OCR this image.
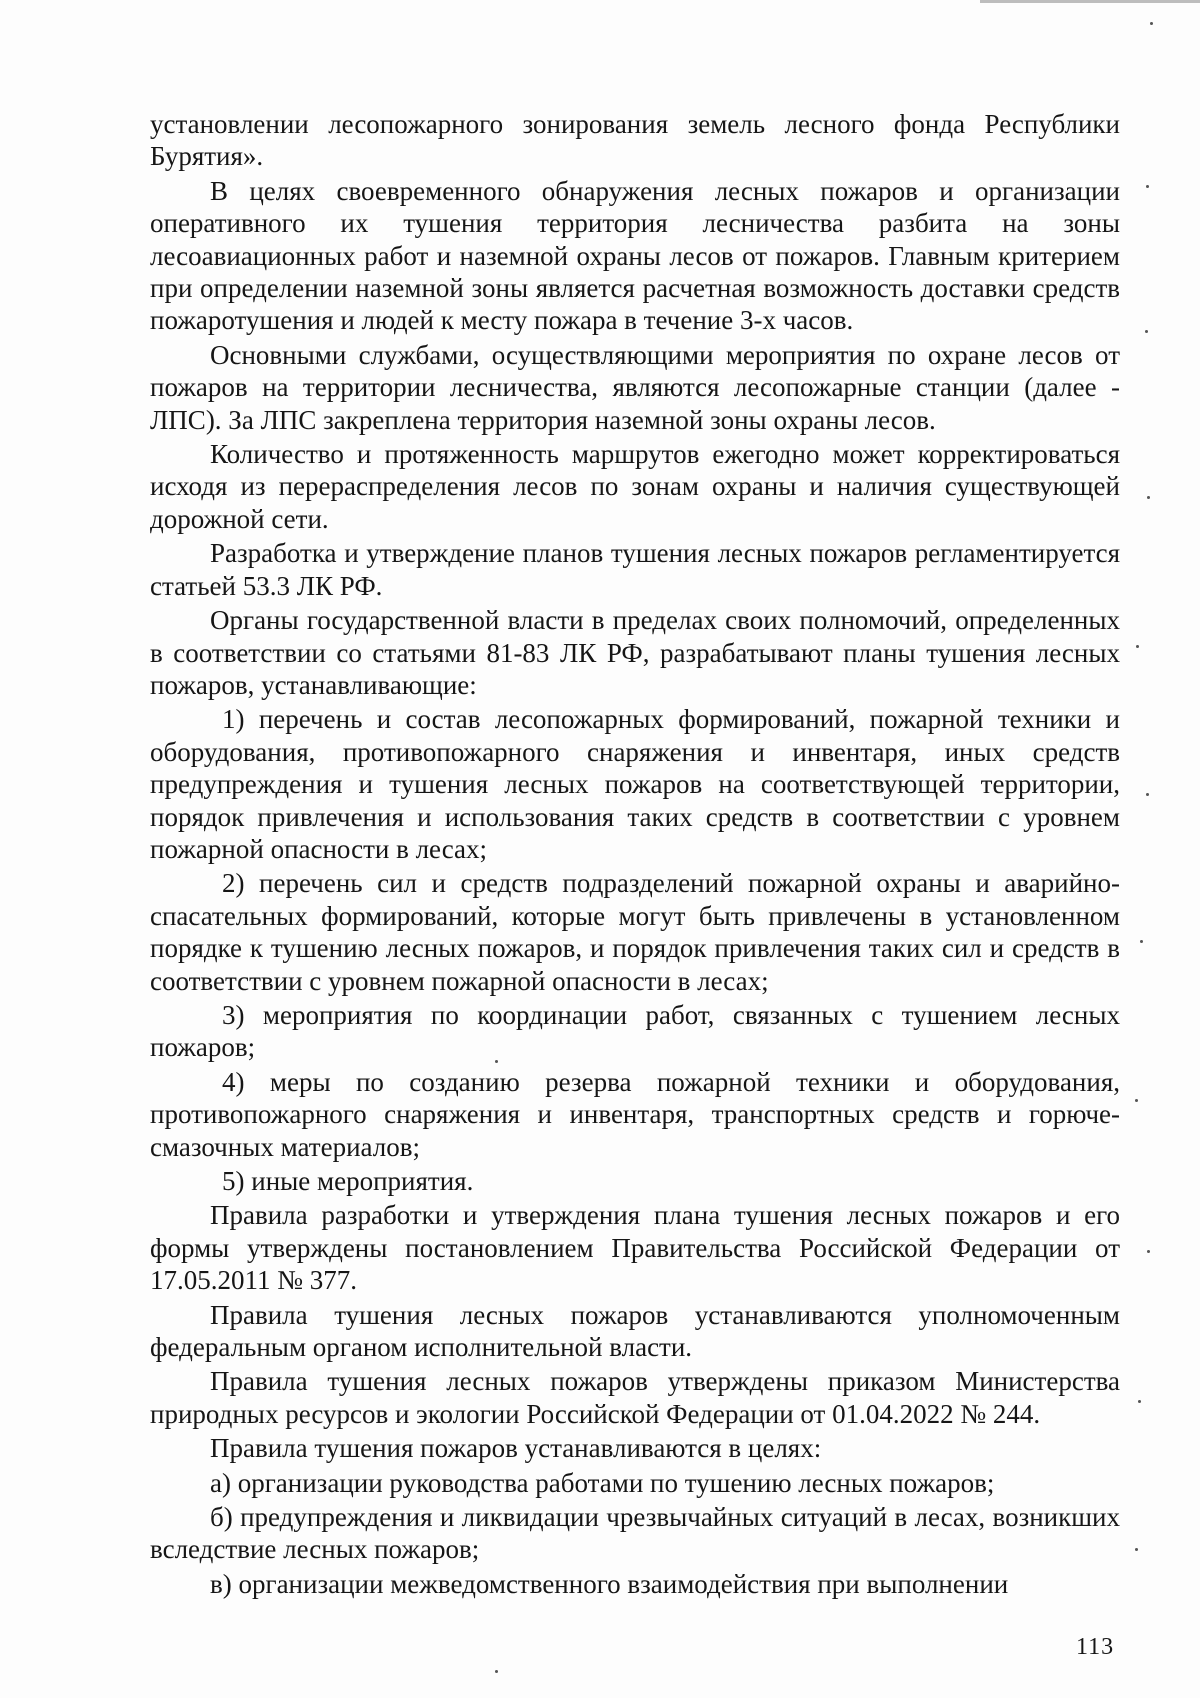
установлении лесопожарного зонирования земель лесного фонда Республики Бурятия».

В целях своевременного обнаружения лесных пожаров и организации оперативного их тушения территория лесничества разбита на зоны лесоавиационных работ и наземной охраны лесов от пожаров. Главным критерием при определении наземной зоны является расчетная возможность доставки средств пожаротушения и людей к месту пожара в течение 3-х часов.

Основными службами, осуществляющими мероприятия по охране лесов от пожаров на территории лесничества, являются лесопожарные станции (далее - ЛПС). За ЛПС закреплена территория наземной зоны охраны лесов.

Количество и протяженность маршрутов ежегодно может корректироваться исходя из перераспределения лесов по зонам охраны и наличия существующей дорожной сети.

Разработка и утверждение планов тушения лесных пожаров регламентируется статьей 53.3 ЛК РФ.

Органы государственной власти в пределах своих полномочий, определенных в соответствии со статьями 81-83 ЛК РФ, разрабатывают планы тушения лесных пожаров, устанавливающие:

1) перечень и состав лесопожарных формирований, пожарной техники и оборудования, противопожарного снаряжения и инвентаря, иных средств предупреждения и тушения лесных пожаров на соответствующей территории, порядок привлечения и использования таких средств в соответствии с уровнем пожарной опасности в лесах;

2) перечень сил и средств подразделений пожарной охраны и аварийно-спасательных формирований, которые могут быть привлечены в установленном порядке к тушению лесных пожаров, и порядок привлечения таких сил и средств в соответствии с уровнем пожарной опасности в лесах;

3) мероприятия по координации работ, связанных с тушением лесных пожаров;

4) меры по созданию резерва пожарной техники и оборудования, противопожарного снаряжения и инвентаря, транспортных средств и горюче-смазочных материалов;

5) иные мероприятия.

Правила разработки и утверждения плана тушения лесных пожаров и его формы утверждены постановлением Правительства Российской Федерации от 17.05.2011 № 377.

Правила тушения лесных пожаров устанавливаются уполномоченным федеральным органом исполнительной власти.

Правила тушения лесных пожаров утверждены приказом Министерства природных ресурсов и экологии Российской Федерации от 01.04.2022 № 244.

Правила тушения пожаров устанавливаются в целях:

а) организации руководства работами по тушению лесных пожаров;

б) предупреждения и ликвидации чрезвычайных ситуаций в лесах, возникших вследствие лесных пожаров;

в) организации межведомственного взаимодействия при выполнении

113
